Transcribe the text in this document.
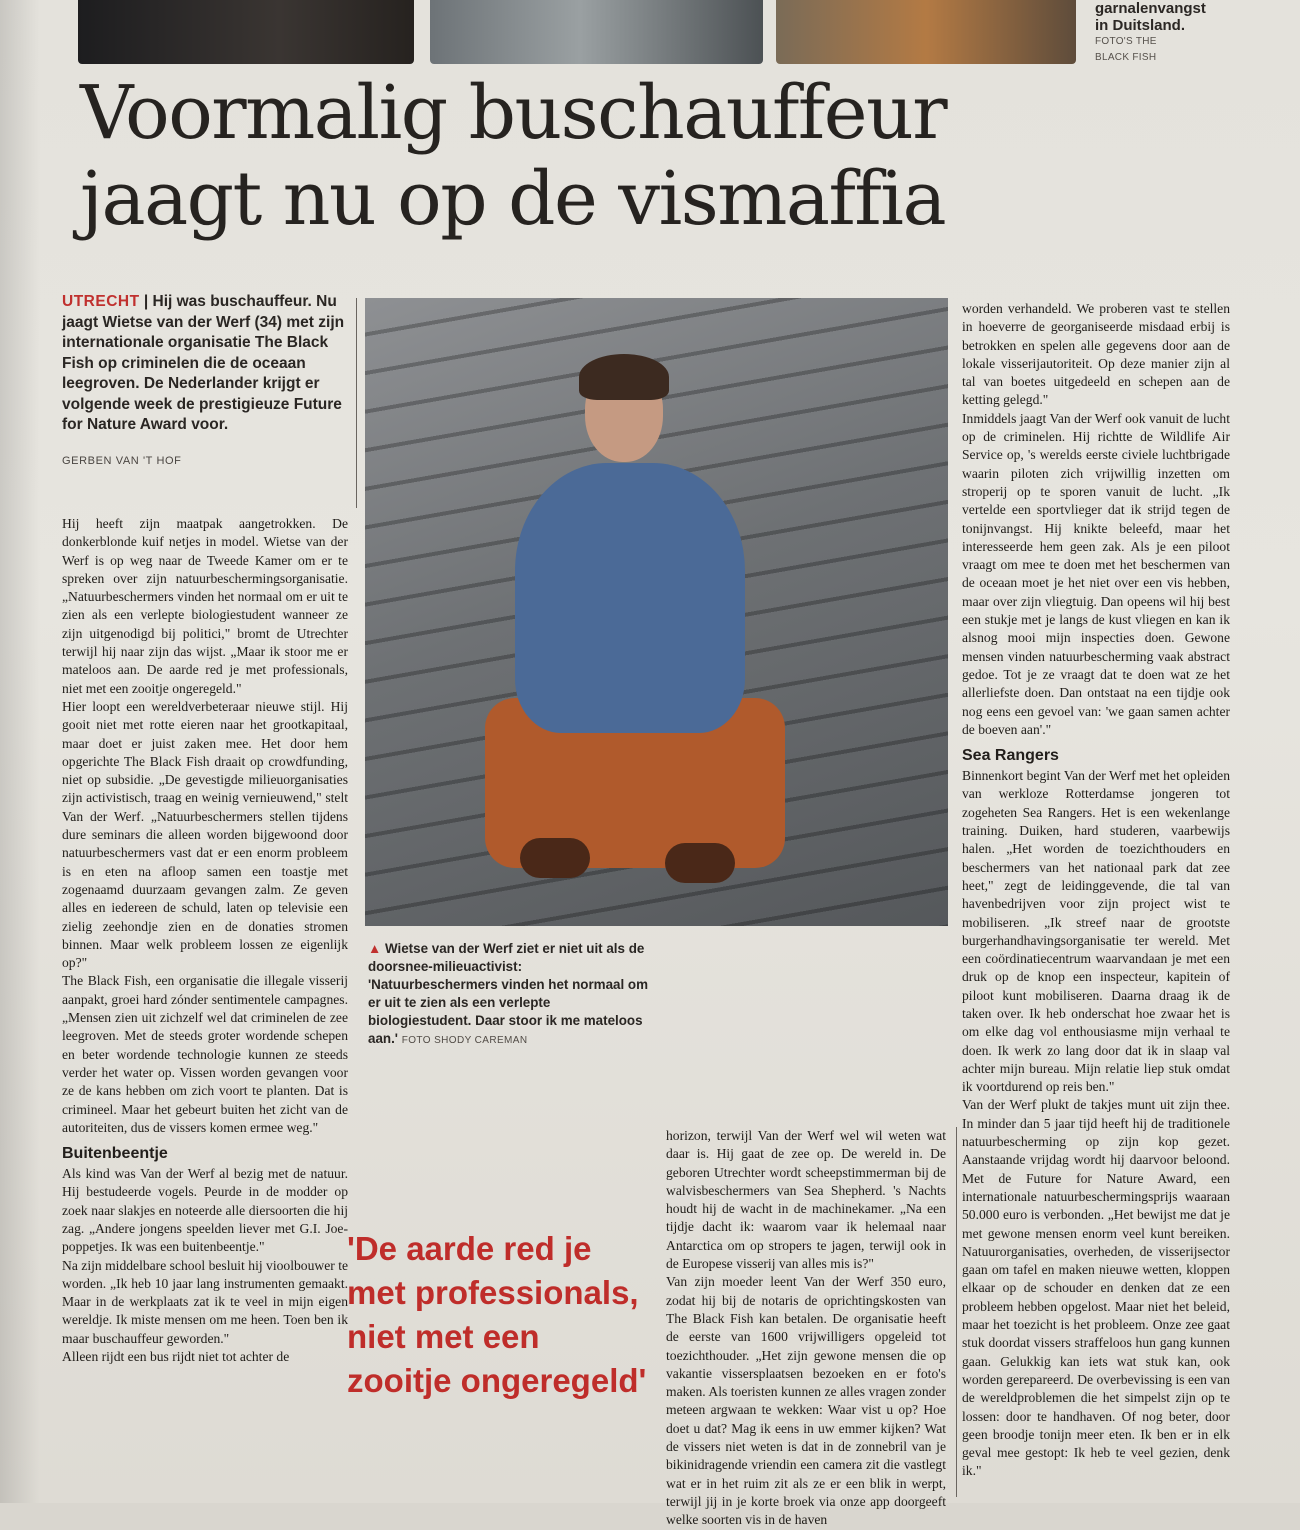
garnalenvangst
in Duitsland.
FOTO'S THE
BLACK FISH
Voormalig buschauffeur
jaagt nu op de vismaffia
UTRECHT | Hij was buschauffeur. Nu jaagt Wietse van der Werf (34) met zijn internationale organisatie The Black Fish op criminelen die de oceaan leegroven. De Nederlander krijgt er volgende week de prestigieuze Future for Nature Award voor.
GERBEN VAN 'T HOF

Hij heeft zijn maatpak aangetrokken. De donkerblonde kuif netjes in model. Wietse van der Werf is op weg naar de Tweede Kamer om er te spreken over zijn natuurbeschermingsorganisatie. „Natuurbeschermers vinden het normaal om er uit te zien als een verlepte biologiestudent wanneer ze zijn uitgenodigd bij politici," bromt de Utrechter terwijl hij naar zijn das wijst. „Maar ik stoor me er mateloos aan. De aarde red je met professionals, niet met een zooitje ongeregeld."

Hier loopt een wereldverbeteraar nieuwe stijl. Hij gooit niet met rotte eieren naar het grootkapitaal, maar doet er juist zaken mee. Het door hem opgerichte The Black Fish draait op crowdfunding, niet op subsidie. „De gevestigde milieuorganisaties zijn activistisch, traag en weinig vernieuwend," stelt Van der Werf. „Natuurbeschermers stellen tijdens dure seminars die alleen worden bijgewoond door natuurbeschermers vast dat er een enorm probleem is en eten na afloop samen een toastje met zogenaamd duurzaam gevangen zalm. Ze geven alles en iedereen de schuld, laten op televisie een zielig zeehondje zien en de donaties stromen binnen. Maar welk probleem lossen ze eigenlijk op?"

The Black Fish, een organisatie die illegale visserij aanpakt, groei hard zónder sentimentele campagnes. „Mensen zien uit zichzelf wel dat criminelen de zee leegroven. Met de steeds groter wordende schepen en beter wordende technologie kunnen ze steeds verder het water op. Vissen worden gevangen voor ze de kans hebben om zich voort te planten. Dat is crimineel. Maar het gebeurt buiten het zicht van de autoriteiten, dus de vissers komen ermee weg."

Buitenbeentje

Als kind was Van der Werf al bezig met de natuur. Hij bestudeerde vogels. Peurde in de modder op zoek naar slakjes en noteerde alle diersoorten die hij zag. „Andere jongens speelden liever met G.I. Joe-poppetjes. Ik was een buitenbeentje."

Na zijn middelbare school besluit hij vioolbouwer te worden. „Ik heb 10 jaar lang instrumenten gemaakt. Maar in de werkplaats zat ik te veel in mijn eigen wereldje. Ik miste mensen om me heen. Toen ben ik maar buschauffeur geworden."

Alleen rijdt een bus rijdt niet tot achter de

▲ Wietse van der Werf ziet er niet uit als de doorsnee-milieuactivist: 'Natuurbeschermers vinden het normaal om er uit te zien als een verlepte biologiestudent. Daar stoor ik me mateloos aan.' FOTO SHODY CAREMAN
'De aarde red je met professionals, niet met een zooitje ongeregeld'

horizon, terwijl Van der Werf wel wil weten wat daar is. Hij gaat de zee op. De wereld in. De geboren Utrechter wordt scheepstimmerman bij de walvisbeschermers van Sea Shepherd. 's Nachts houdt hij de wacht in de machinekamer. „Na een tijdje dacht ik: waarom vaar ik helemaal naar Antarctica om op stropers te jagen, terwijl ook in de Europese visserij van alles mis is?"

Van zijn moeder leent Van der Werf 350 euro, zodat hij bij de notaris de oprichtingskosten van The Black Fish kan betalen. De organisatie heeft de eerste van 1600 vrijwilligers opgeleid tot toezichthouder. „Het zijn gewone mensen die op vakantie vissersplaatsen bezoeken en er foto's maken. Als toeristen kunnen ze alles vragen zonder meteen argwaan te wekken: Waar vist u op? Hoe doet u dat? Mag ik eens in uw emmer kijken? Wat de vissers niet weten is dat in de zonnebril van je bikinidragende vriendin een camera zit die vastlegt wat er in het ruim zit als ze er een blik in werpt, terwijl jij in je korte broek via onze app doorgeeft welke soorten vis in de haven

worden verhandeld. We proberen vast te stellen in hoeverre de georganiseerde misdaad erbij is betrokken en spelen alle gegevens door aan de lokale visserijautoriteit. Op deze manier zijn al tal van boetes uitgedeeld en schepen aan de ketting gelegd."

Inmiddels jaagt Van der Werf ook vanuit de lucht op de criminelen. Hij richtte de Wildlife Air Service op, 's werelds eerste civiele luchtbrigade waarin piloten zich vrijwillig inzetten om stroperij op te sporen vanuit de lucht. „Ik vertelde een sportvlieger dat ik strijd tegen de tonijnvangst. Hij knikte beleefd, maar het interesseerde hem geen zak. Als je een piloot vraagt om mee te doen met het beschermen van de oceaan moet je het niet over een vis hebben, maar over zijn vliegtuig. Dan opeens wil hij best een stukje met je langs de kust vliegen en kan ik alsnog mooi mijn inspecties doen. Gewone mensen vinden natuurbescherming vaak abstract gedoe. Tot je ze vraagt dat te doen wat ze het allerliefste doen. Dan ontstaat na een tijdje ook nog eens een gevoel van: 'we gaan samen achter de boeven aan'."

Sea Rangers

Binnenkort begint Van der Werf met het opleiden van werkloze Rotterdamse jongeren tot zogeheten Sea Rangers. Het is een wekenlange training. Duiken, hard studeren, vaarbewijs halen. „Het worden de toezichthouders en beschermers van het nationaal park dat zee heet," zegt de leidinggevende, die tal van havenbedrijven voor zijn project wist te mobiliseren. „Ik streef naar de grootste burgerhandhavingsorganisatie ter wereld. Met een coördinatiecentrum waarvandaan je met een druk op de knop een inspecteur, kapitein of piloot kunt mobiliseren. Daarna draag ik de taken over. Ik heb onderschat hoe zwaar het is om elke dag vol enthousiasme mijn verhaal te doen. Ik werk zo lang door dat ik in slaap val achter mijn bureau. Mijn relatie liep stuk omdat ik voortdurend op reis ben."

Van der Werf plukt de takjes munt uit zijn thee. In minder dan 5 jaar tijd heeft hij de traditionele natuurbescherming op zijn kop gezet. Aanstaande vrijdag wordt hij daarvoor beloond. Met de Future for Nature Award, een internationale natuurbeschermingsprijs waaraan 50.000 euro is verbonden. „Het bewijst me dat je met gewone mensen enorm veel kunt bereiken. Natuurorganisaties, overheden, de visserijsector gaan om tafel en maken nieuwe wetten, kloppen elkaar op de schouder en denken dat ze een probleem hebben opgelost. Maar niet het beleid, maar het toezicht is het probleem. Onze zee gaat stuk doordat vissers straffeloos hun gang kunnen gaan. Gelukkig kan iets wat stuk kan, ook worden gerepareerd. De overbevissing is een van de wereldproblemen die het simpelst zijn op te lossen: door te handhaven. Of nog beter, door geen broodje tonijn meer eten. Ik ben er in elk geval mee gestopt: Ik heb te veel gezien, denk ik."
